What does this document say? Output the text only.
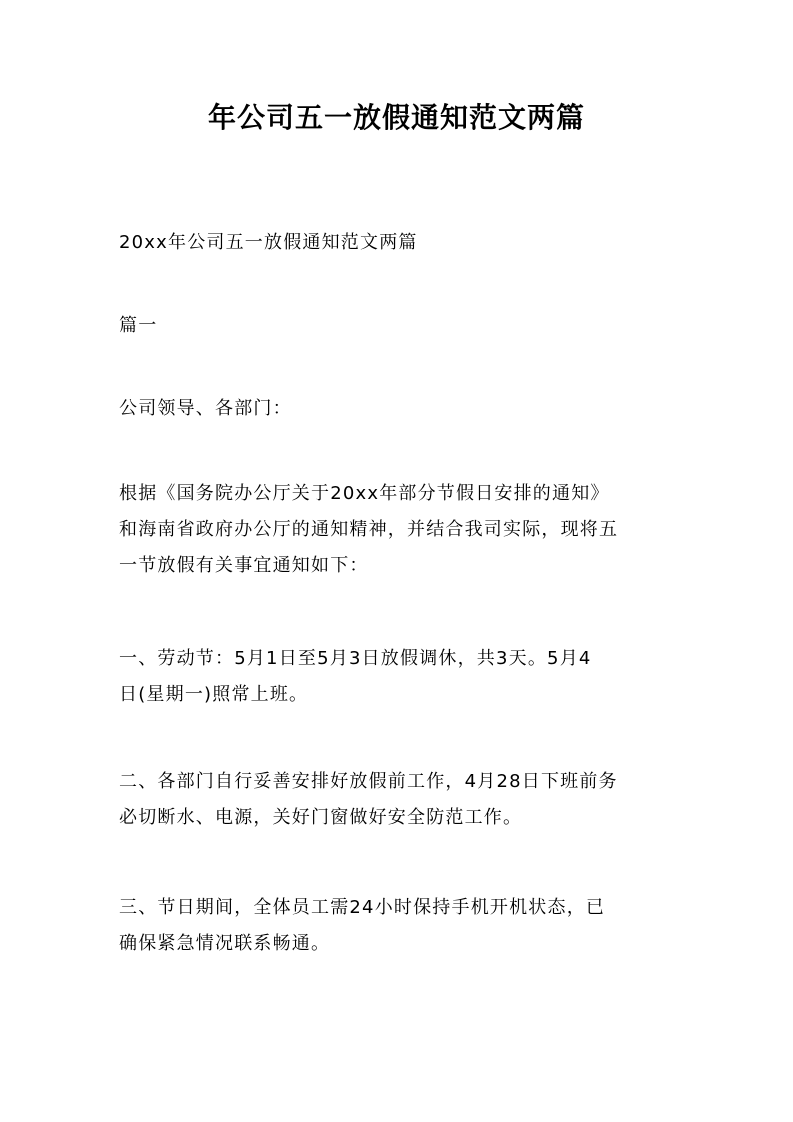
年公司五一放假通知范文两篇
20xx年公司五一放假通知范文两篇
篇一
公司领导、各部门：
根据《国务院办公厅关于20xx年部分节假日安排的通知》
和海南省政府办公厅的通知精神，并结合我司实际，现将五
一节放假有关事宜通知如下：
一、劳动节：5月1日至5月3日放假调休，共3天。5月4
日(星期一)照常上班。
二、各部门自行妥善安排好放假前工作，4月28日下班前务
必切断水、电源，关好门窗做好安全防范工作。
三、节日期间，全体员工需24小时保持手机开机状态，已
确保紧急情况联系畅通。
